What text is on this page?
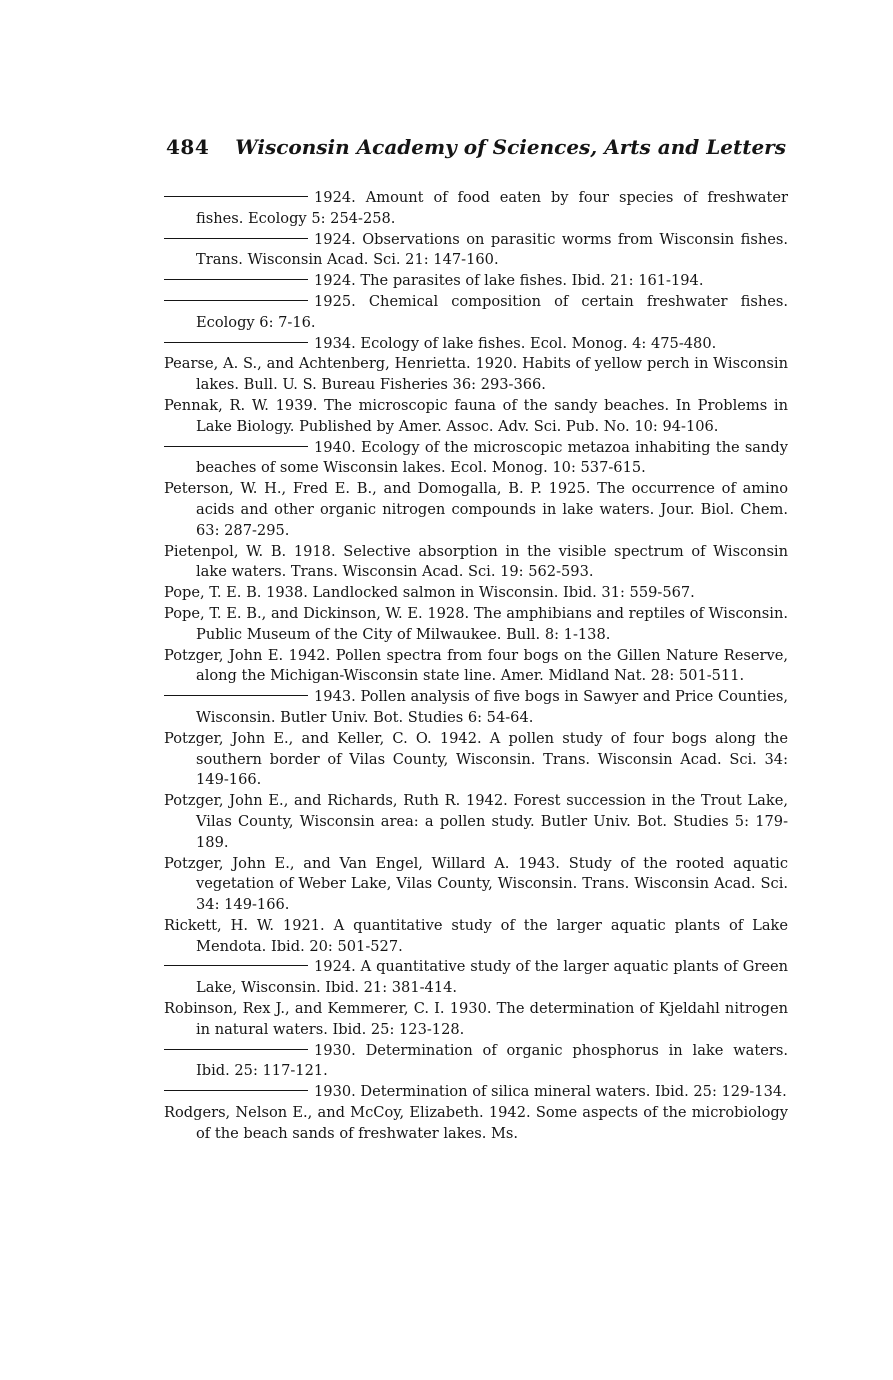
484 Wisconsin Academy of Sciences, Arts and Letters

1924. Amount of food eaten by four species of freshwater fishes. Ecology 5: 254-258.

1924. Observations on parasitic worms from Wisconsin fishes. Trans. Wisconsin Acad. Sci. 21: 147-160.

1924. The parasites of lake fishes. Ibid. 21: 161-194.

1925. Chemical composition of certain freshwater fishes. Ecology 6: 7-16.

1934. Ecology of lake fishes. Ecol. Monog. 4: 475-480.

Pearse, A. S., and Achtenberg, Henrietta. 1920. Habits of yellow perch in Wisconsin lakes. Bull. U. S. Bureau Fisheries 36: 293-366.

Pennak, R. W. 1939. The microscopic fauna of the sandy beaches. In Problems in Lake Biology. Published by Amer. Assoc. Adv. Sci. Pub. No. 10: 94-106.

1940. Ecology of the microscopic metazoa inhabiting the sandy beaches of some Wisconsin lakes. Ecol. Monog. 10: 537-615.

Peterson, W. H., Fred E. B., and Domogalla, B. P. 1925. The occurrence of amino acids and other organic nitrogen compounds in lake waters. Jour. Biol. Chem. 63: 287-295.

Pietenpol, W. B. 1918. Selective absorption in the visible spectrum of Wisconsin lake waters. Trans. Wisconsin Acad. Sci. 19: 562-593.

Pope, T. E. B. 1938. Landlocked salmon in Wisconsin. Ibid. 31: 559-567.

Pope, T. E. B., and Dickinson, W. E. 1928. The amphibians and reptiles of Wisconsin. Public Museum of the City of Milwaukee. Bull. 8: 1-138.

Potzger, John E. 1942. Pollen spectra from four bogs on the Gillen Nature Reserve, along the Michigan-Wisconsin state line. Amer. Midland Nat. 28: 501-511.

1943. Pollen analysis of five bogs in Sawyer and Price Counties, Wisconsin. Butler Univ. Bot. Studies 6: 54-64.

Potzger, John E., and Keller, C. O. 1942. A pollen study of four bogs along the southern border of Vilas County, Wisconsin. Trans. Wisconsin Acad. Sci. 34: 149-166.

Potzger, John E., and Richards, Ruth R. 1942. Forest succession in the Trout Lake, Vilas County, Wisconsin area: a pollen study. Butler Univ. Bot. Studies 5: 179-189.

Potzger, John E., and Van Engel, Willard A. 1943. Study of the rooted aquatic vegetation of Weber Lake, Vilas County, Wisconsin. Trans. Wisconsin Acad. Sci. 34: 149-166.

Rickett, H. W. 1921. A quantitative study of the larger aquatic plants of Lake Mendota. Ibid. 20: 501-527.

1924. A quantitative study of the larger aquatic plants of Green Lake, Wisconsin. Ibid. 21: 381-414.

Robinson, Rex J., and Kemmerer, C. I. 1930. The determination of Kjeldahl nitrogen in natural waters. Ibid. 25: 123-128.

1930. Determination of organic phosphorus in lake waters. Ibid. 25: 117-121.

1930. Determination of silica mineral waters. Ibid. 25: 129-134.

Rodgers, Nelson E., and McCoy, Elizabeth. 1942. Some aspects of the microbiology of the beach sands of freshwater lakes. Ms.
